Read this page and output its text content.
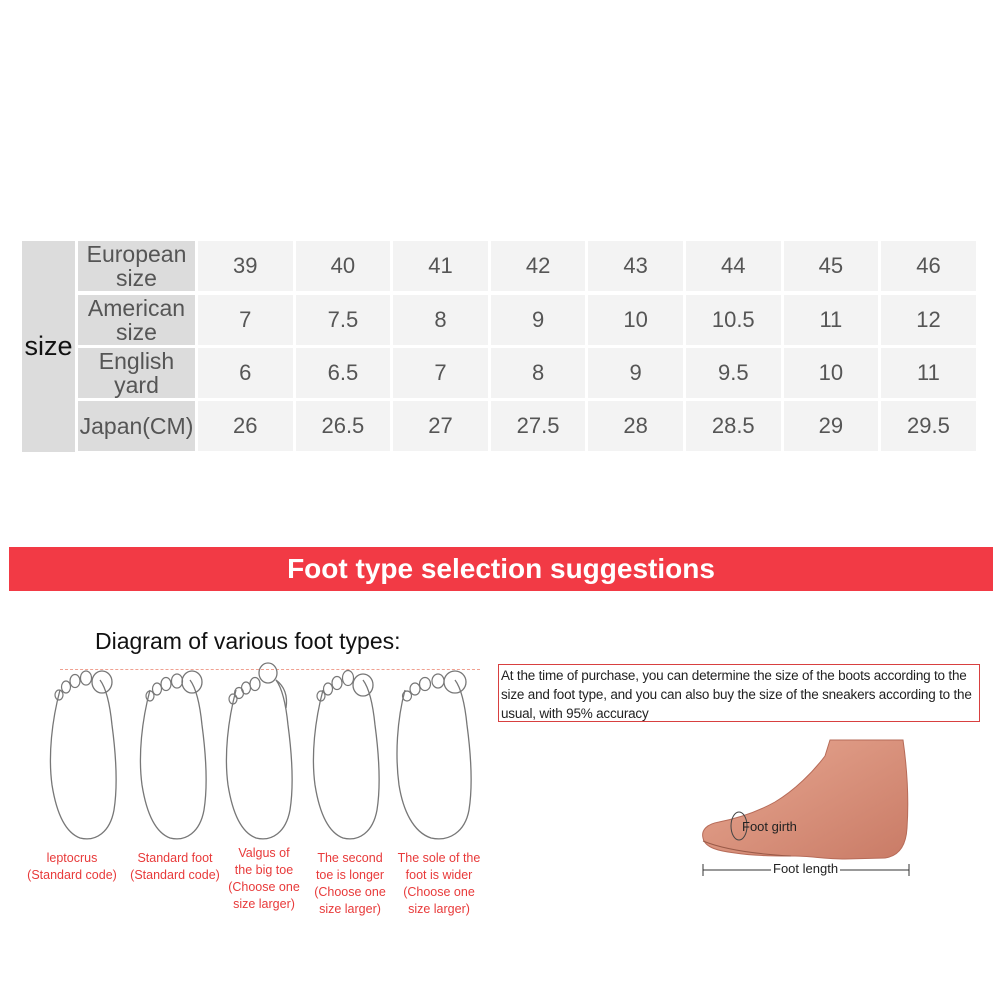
size
European size	39	40	41	42	43	44	45	46
American size	7	7.5	8	9	10	10.5	11	12
English yard	6	6.5	7	8	9	9.5	10	11
Japan(CM)	26	26.5	27	27.5	28	28.5	29	29.5
Foot type selection suggestions
Diagram of various foot types:
leptocrus
(Standard code)
Standard foot
(Standard code)
Valgus of
the big toe
(Choose one
size larger)
The second
toe is longer
(Choose one
size larger)
The sole of the
foot is wider
(Choose one
size larger)
At the time of purchase, you can determine the size of the boots according to the size and foot type, and you can also buy the size of the sneakers according to the usual, with 95% accuracy
Foot girth
Foot length
